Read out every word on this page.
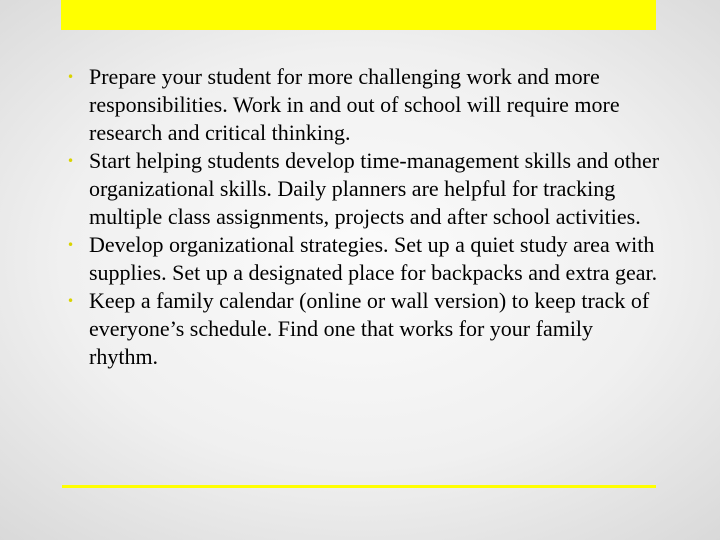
• Prepare your student for more challenging work and more responsibilities. Work in and out of school will require more research and critical thinking.
• Start helping students develop time-management skills and other organizational skills. Daily planners are helpful for tracking multiple class assignments, projects and after school activities.
• Develop organizational strategies. Set up a quiet study area with supplies. Set up a designated place for backpacks and extra gear.
• Keep a family calendar (online or wall version) to keep track of everyone’s schedule. Find one that works for your family rhythm.
